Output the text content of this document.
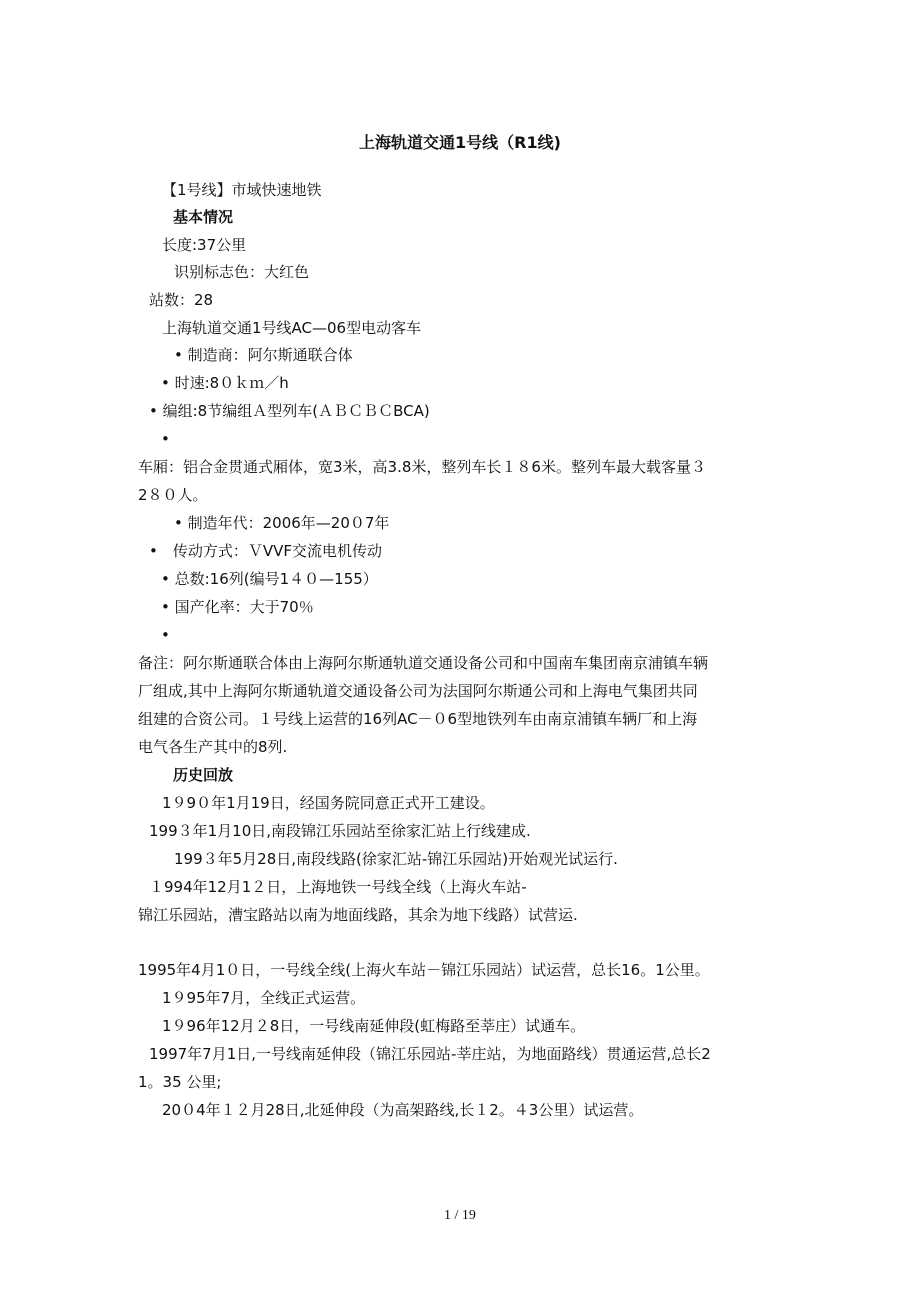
上海轨道交通1号线（R1线)
【1号线】市域快速地铁
基本情况
长度:37公里
识别标志色：大红色
站数：28
上海轨道交通1号线AC—06型电动客车
• 制造商：阿尔斯通联合体
• 时速:8０ｋｍ／h
• 编组:8节编组Ａ型列车(ＡＢＣＢＣBCA)
•
车厢：铝合金贯通式厢体，宽3米，高3.8米，整列车长１８6米。整列车最大载客量３
2８０人。
• 制造年代：2006年—20０7年
•　传动方式：ＶVVF交流电机传动
• 总数:16列(编号1４０—155）
• 国产化率：大于70％
•
备注：阿尔斯通联合体由上海阿尔斯通轨道交通设备公司和中国南车集团南京浦镇车辆
厂组成,其中上海阿尔斯通轨道交通设备公司为法国阿尔斯通公司和上海电气集团共同
组建的合资公司。１号线上运营的16列AC－０6型地铁列车由南京浦镇车辆厂和上海
电气各生产其中的8列.
历史回放
1９9０年1月19日，经国务院同意正式开工建设。
199３年1月10日,南段锦江乐园站至徐家汇站上行线建成.
199３年5月28日,南段线路(徐家汇站-锦江乐园站)开始观光试运行.
１994年12月1２日，上海地铁一号线全线（上海火车站-
锦江乐园站，漕宝路站以南为地面线路，其余为地下线路）试营运.
1995年4月1０日，一号线全线(上海火车站－锦江乐园站）试运营，总长16。1公里。
1９95年7月，全线正式运营。
1９96年12月２8日，一号线南延伸段(虹梅路至莘庄）试通车。
1997年7月1日,一号线南延伸段（锦江乐园站-莘庄站，为地面路线）贯通运营,总长2
1。35 公里;
20０4年１２月28日,北延伸段（为高架路线,长１2。４3公里）试运营。
1 / 19
